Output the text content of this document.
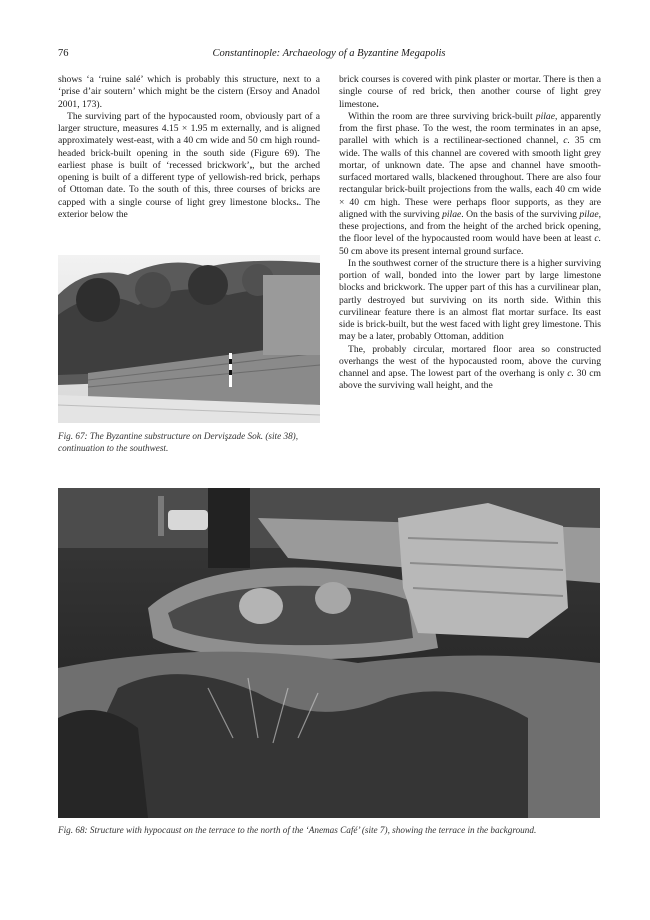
76	Constantinople: Archaeology of a Byzantine Megapolis

shows ‘a ‘ruine salé’ which is probably this structure, next to a ‘prise d’air soutern’ which might be the cistern (Ersoy and Anadol 2001, 173).

The surviving part of the hypocausted room, obviously part of a larger structure, measures 4.15 × 1.95 m externally, and is aligned approximately west-east, with a 40 cm wide and 50 cm high round-headed brick-built opening in the south side (Figure 69). The earliest phase is built of ‘recessed brickwork’,, but the arched opening is built of a different type of yellowish-red brick, perhaps of Ottoman date. To the south of this, three courses of bricks are capped with a single course of light grey limestone blocks.. The exterior below the

Fig. 67: The Byzantine substructure on Dervişzade Sok. (site 38), continuation to the southwest.

brick courses is covered with pink plaster or mortar. There is then a single course of red brick, then another course of light grey limestone.

Within the room are three surviving brick-built pilae, apparently from the first phase. To the west, the room terminates in an apse, parallel with which is a rectilinear-sectioned channel, c. 35 cm wide. The walls of this channel are covered with smooth light grey mortar, of unknown date. The apse and channel have smooth-surfaced mortared walls, blackened throughout. There are also four rectangular brick-built projections from the walls, each 40 cm wide × 40 cm high. These were perhaps floor supports, as they are aligned with the surviving pilae. On the basis of the surviving pilae, these projections, and from the height of the arched brick opening, the floor level of the hypocausted room would have been at least c. 50 cm above its present internal ground surface.

In the southwest corner of the structure there is a higher surviving portion of wall, bonded into the lower part by large limestone blocks and brickwork. The upper part of this has a curvilinear plan, partly destroyed but surviving on its north side. Within this curvilinear feature there is an almost flat mortar surface. Its east side is brick-built, but the west faced with light grey limestone. This may be a later, probably Ottoman, addition

The, probably circular, mortared floor area so constructed overhangs the west of the hypocausted room, above the curving channel and apse. The lowest part of the overhang is only c. 30 cm above the surviving wall height, and the

Fig. 68: Structure with hypocaust on the terrace to the north of the ‘Anemas Café’ (site 7), showing the terrace in the background.
